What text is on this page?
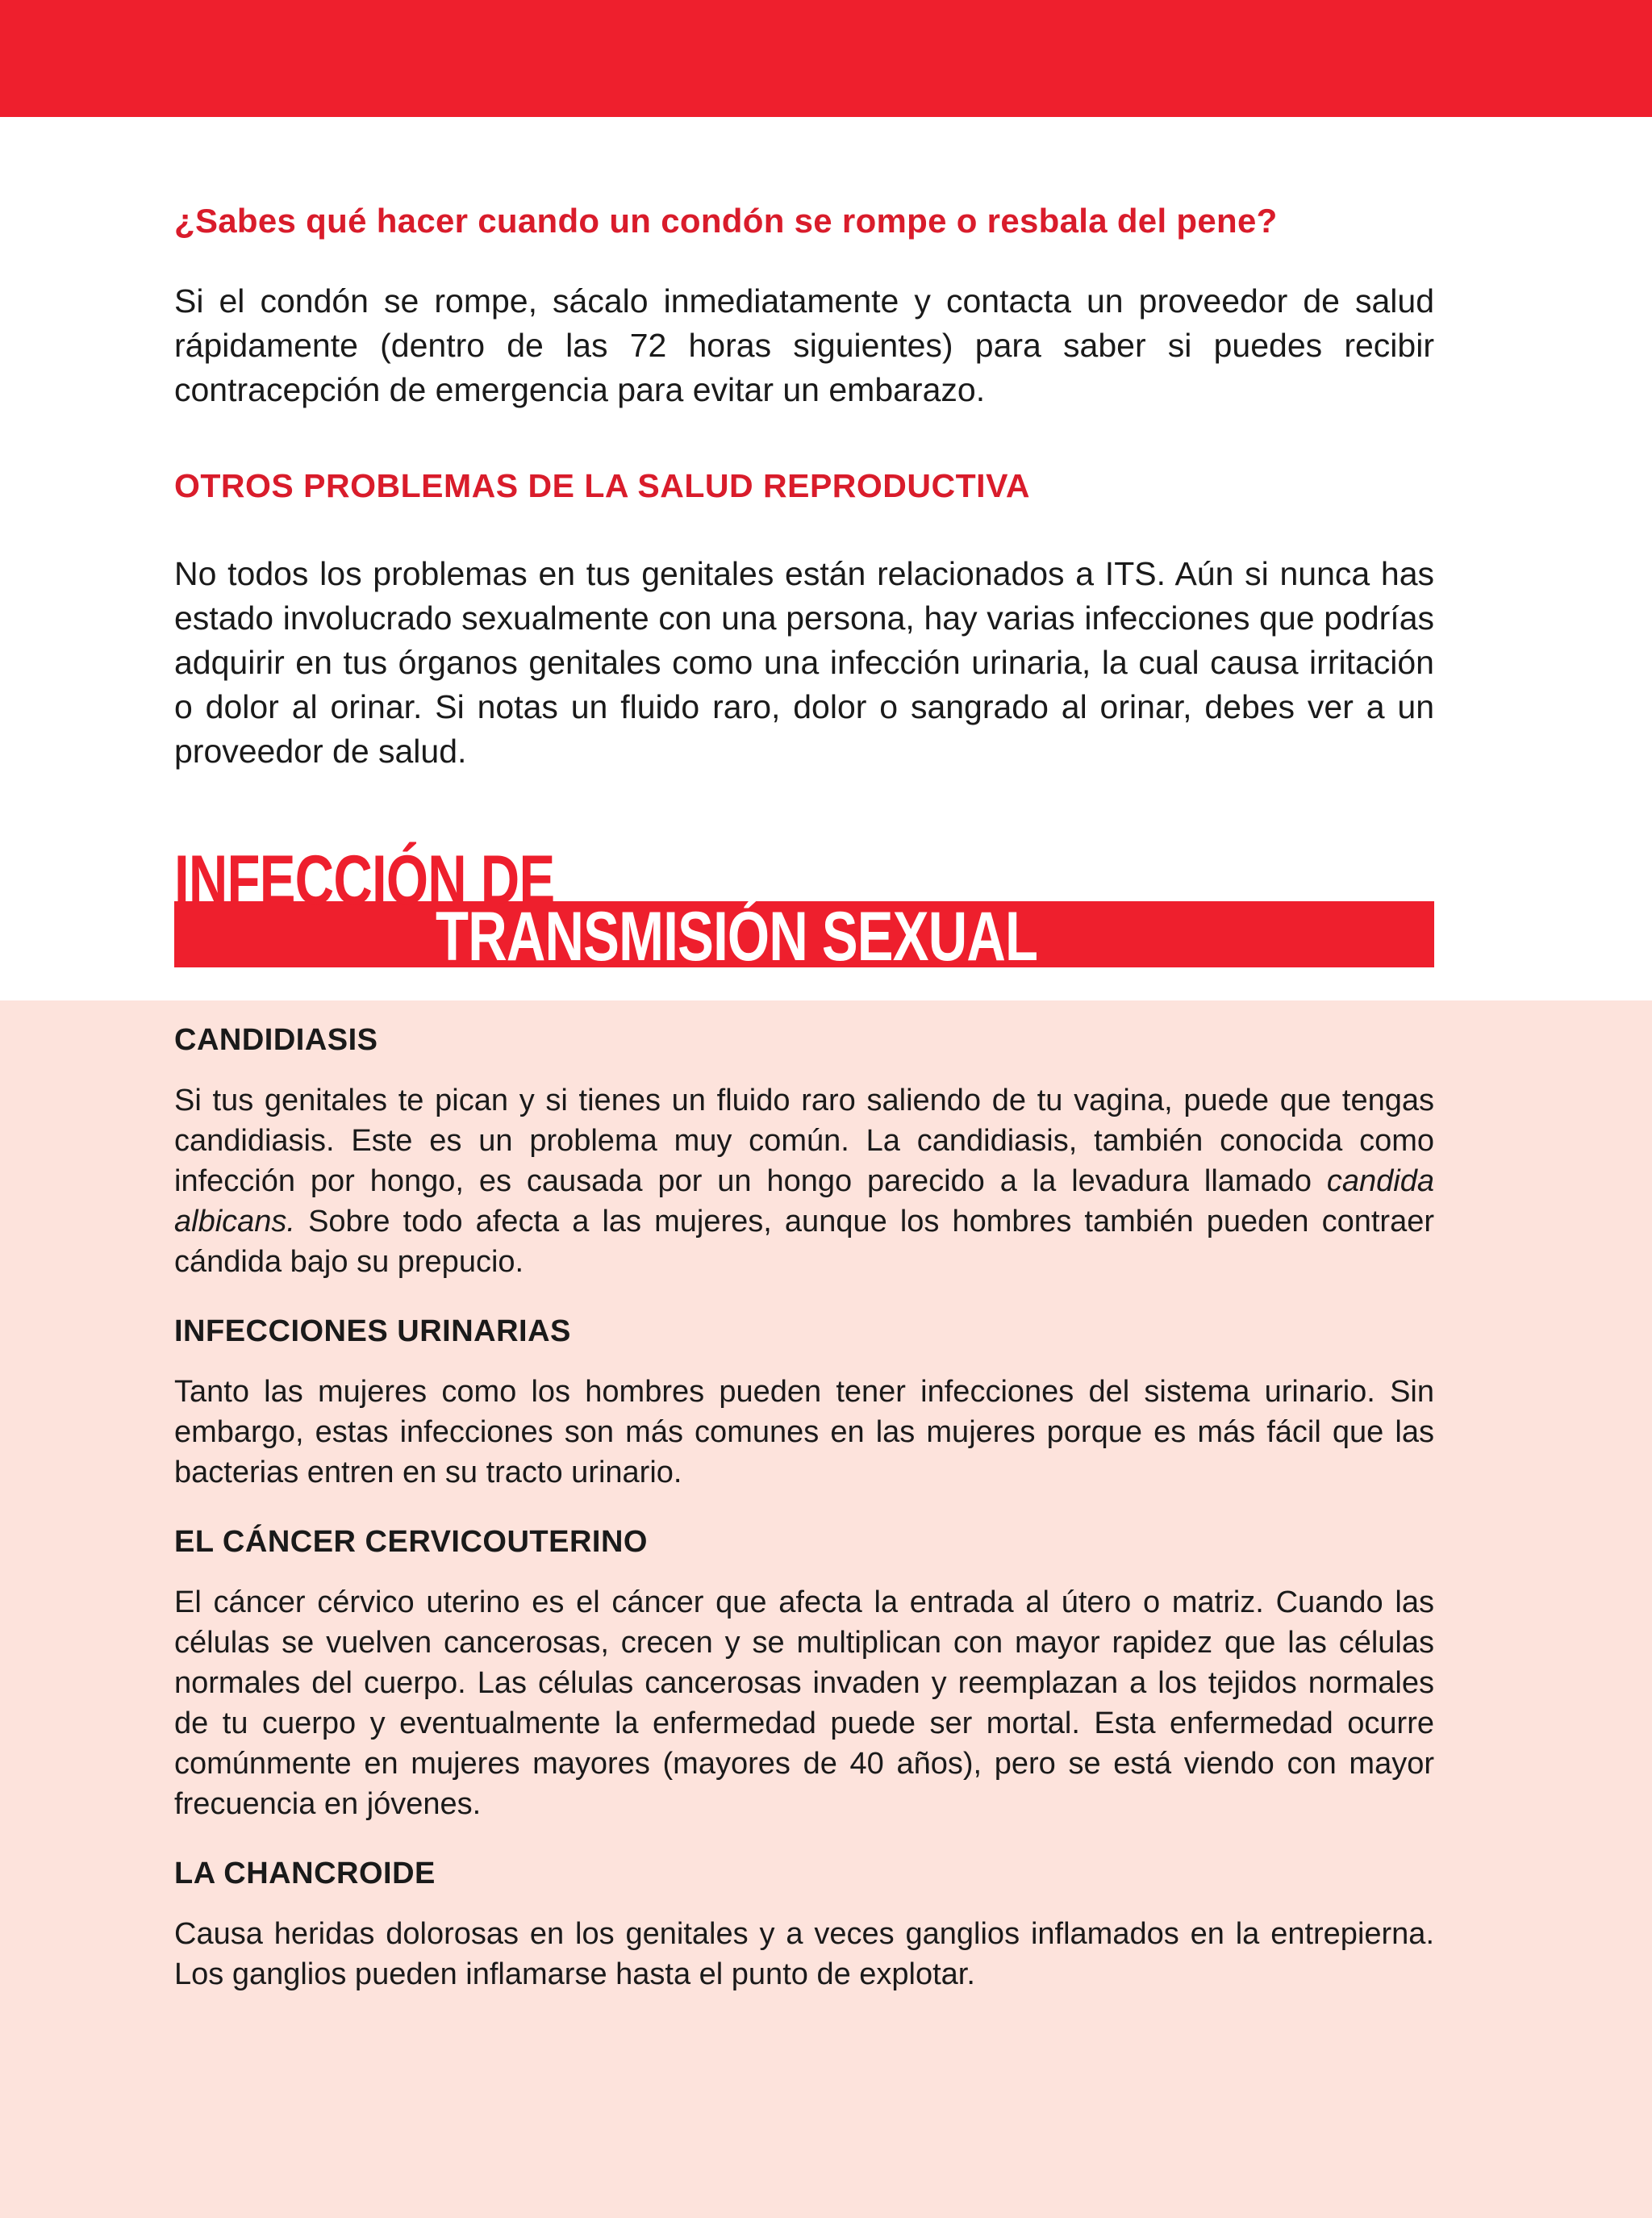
¿Sabes qué hacer cuando un condón se rompe o resbala del pene?

Si el condón se rompe, sácalo inmediatamente y contacta un proveedor de salud rápidamente (dentro de las 72 horas siguientes) para saber si puedes recibir contracepción de emergencia para evitar un embarazo.

OTROS PROBLEMAS DE LA SALUD REPRODUCTIVA

No todos los problemas en tus genitales están relacionados a ITS. Aún si nunca has estado involucrado sexualmente con una persona, hay varias infecciones que podrías adquirir en tus órganos genitales como una infección urinaria, la cual causa irritación o dolor al orinar. Si notas un fluido raro, dolor o sangrado al orinar, debes ver a un proveedor de salud.

INFECCIÓN DE
TRANSMISIÓN SEXUAL
CANDIDIASIS

Si tus genitales te pican y si tienes un fluido raro saliendo de tu vagina, puede que tengas candidiasis. Este es un problema muy común. La candidiasis, también conocida como infección por hongo, es causada por un hongo parecido a la levadura llamado candida albicans. Sobre todo afecta a las mujeres, aunque los hombres también pueden contraer cándida bajo su prepucio.

INFECCIONES URINARIAS

Tanto las mujeres como los hombres pueden tener infecciones del sistema urinario. Sin embargo, estas infecciones son más comunes en las mujeres porque es más fácil que las bacterias entren en su tracto urinario.

EL CÁNCER CERVICOUTERINO

El cáncer cérvico uterino es el cáncer que afecta la entrada al útero o matriz. Cuando las células se vuelven cancerosas, crecen y se multiplican con mayor rapidez que las células normales del cuerpo. Las células cancerosas invaden y reemplazan a los tejidos normales de tu cuerpo y eventualmente la enfermedad puede ser mortal. Esta enfermedad ocurre comúnmente en mujeres mayores (mayores de 40 años), pero se está viendo con mayor frecuencia en jóvenes.

LA CHANCROIDE

Causa heridas dolorosas en los genitales y a veces ganglios inflamados en la entrepierna. Los ganglios pueden inflamarse hasta el punto de explotar.
